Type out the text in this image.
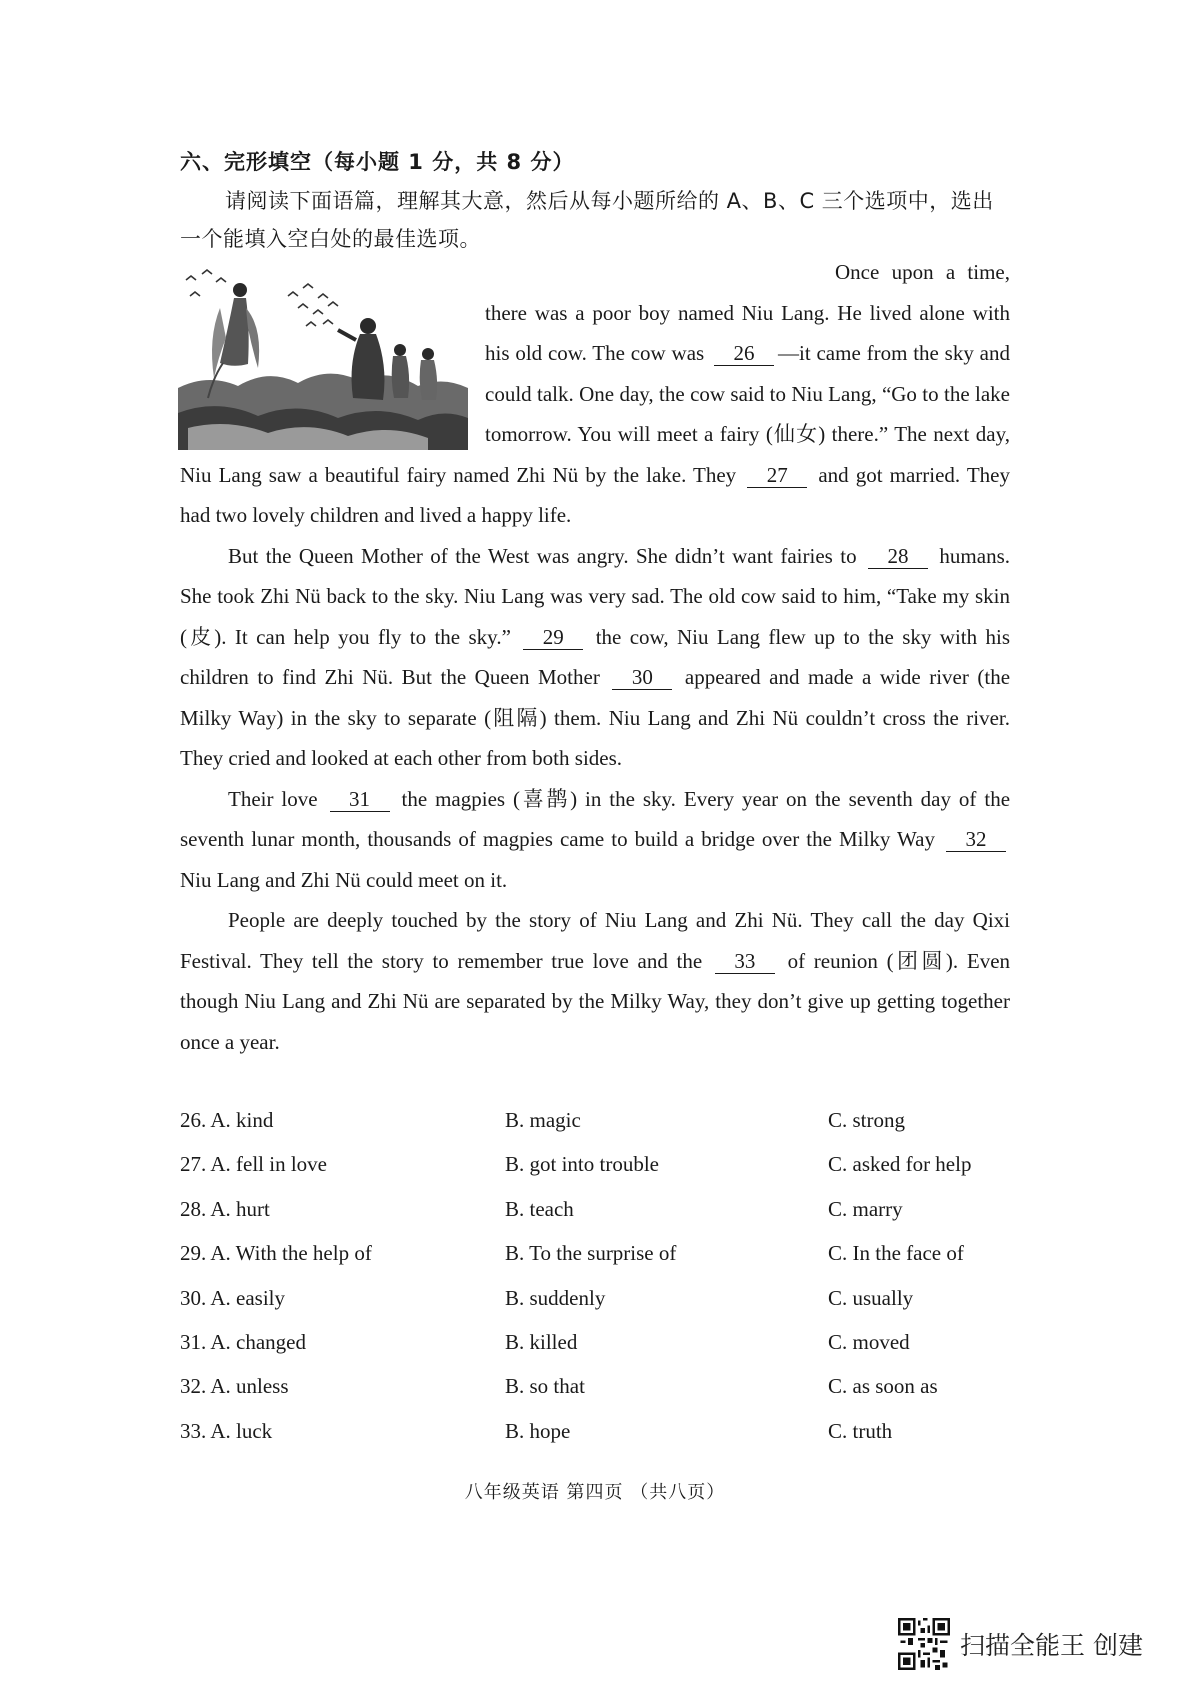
六、完形填空（每小题 1 分，共 8 分）
请阅读下面语篇，理解其大意，然后从每小题所给的 A、B、C 三个选项中，选出一个能填入空白处的最佳选项。

Once upon a time, there was a poor boy named Niu Lang. He lived alone with his old cow. The cow was 26 —it came from the sky and could talk. One day, the cow said to Niu Lang, “Go to the lake tomorrow. You will meet a fairy (仙女) there.” The next day, Niu Lang saw a beautiful fairy named Zhi Nü by the lake. They 27 and got married. They had two lovely children and lived a happy life.

But the Queen Mother of the West was angry. She didn’t want fairies to 28 humans. She took Zhi Nü back to the sky. Niu Lang was very sad. The old cow said to him, “Take my skin (皮). It can help you fly to the sky.” 29 the cow, Niu Lang flew up to the sky with his children to find Zhi Nü. But the Queen Mother 30 appeared and made a wide river (the Milky Way) in the sky to separate (阻隔) them. Niu Lang and Zhi Nü couldn’t cross the river. They cried and looked at each other from both sides.

Their love 31 the magpies (喜鹊) in the sky. Every year on the seventh day of the seventh lunar month, thousands of magpies came to build a bridge over the Milky Way 32 Niu Lang and Zhi Nü could meet on it.

People are deeply touched by the story of Niu Lang and Zhi Nü. They call the day Qixi Festival. They tell the story to remember true love and the 33 of reunion (团圆). Even though Niu Lang and Zhi Nü are separated by the Milky Way, they don’t give up getting together once a year.

26. A. kind	B. magic	C. strong
27. A. fell in love	B. got into trouble	C. asked for help
28. A. hurt	B. teach	C. marry
29. A. With the help of	B. To the surprise of	C. In the face of
30. A. easily	B. suddenly	C. usually
31. A. changed	B. killed	C. moved
32. A. unless	B. so that	C. as soon as
33. A. luck	B. hope	C. truth
八年级英语 第四页 （共八页）
扫描全能王 创建
